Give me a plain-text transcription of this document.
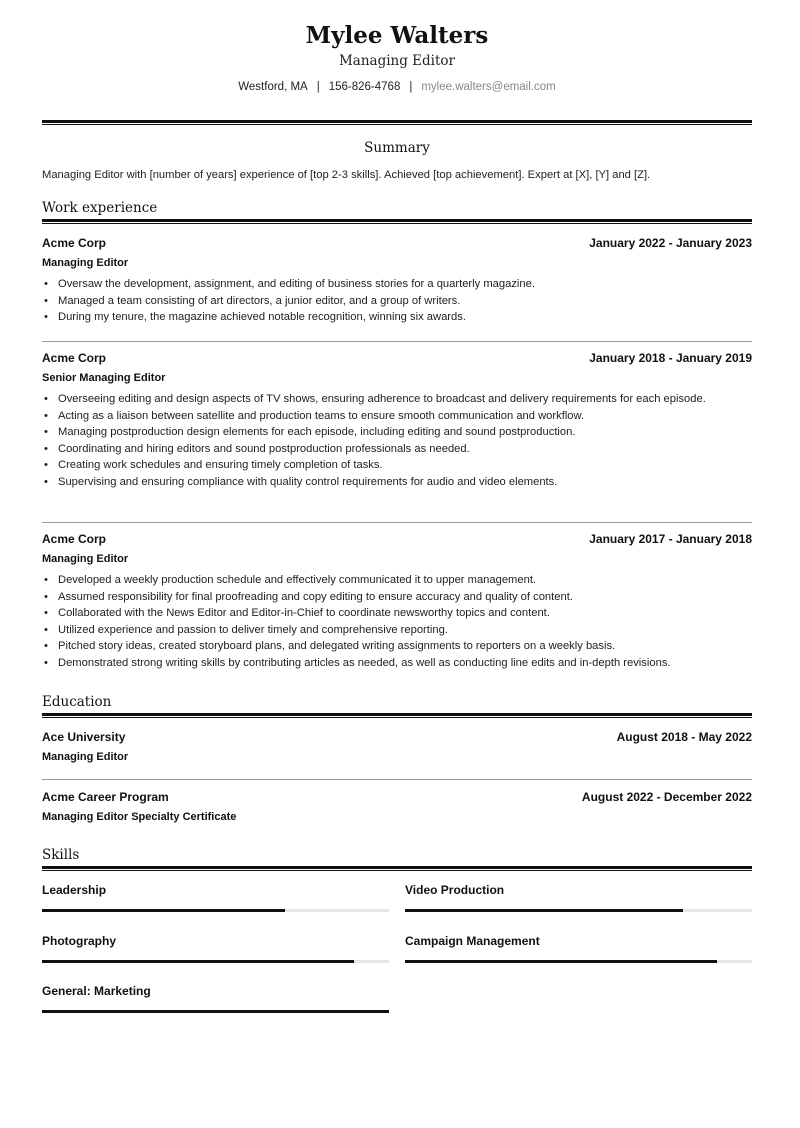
Mylee Walters
Managing Editor
Westford, MA | 156-826-4768 | mylee.walters@email.com
Summary
Managing Editor with [number of years] experience of [top 2-3 skills]. Achieved [top achievement]. Expert at [X], [Y] and [Z].
Work experience
Acme Corp	January 2022 - January 2023
Managing Editor
• Oversaw the development, assignment, and editing of business stories for a quarterly magazine.
• Managed a team consisting of art directors, a junior editor, and a group of writers.
• During my tenure, the magazine achieved notable recognition, winning six awards.
Acme Corp	January 2018 - January 2019
Senior Managing Editor
• Overseeing editing and design aspects of TV shows, ensuring adherence to broadcast and delivery requirements for each episode.
• Acting as a liaison between satellite and production teams to ensure smooth communication and workflow.
• Managing postproduction design elements for each episode, including editing and sound postproduction.
• Coordinating and hiring editors and sound postproduction professionals as needed.
• Creating work schedules and ensuring timely completion of tasks.
• Supervising and ensuring compliance with quality control requirements for audio and video elements.
Acme Corp	January 2017 - January 2018
Managing Editor
• Developed a weekly production schedule and effectively communicated it to upper management.
• Assumed responsibility for final proofreading and copy editing to ensure accuracy and quality of content.
• Collaborated with the News Editor and Editor-in-Chief to coordinate newsworthy topics and content.
• Utilized experience and passion to deliver timely and comprehensive reporting.
• Pitched story ideas, created storyboard plans, and delegated writing assignments to reporters on a weekly basis.
• Demonstrated strong writing skills by contributing articles as needed, as well as conducting line edits and in-depth revisions.
Education
Ace University	August 2018 - May 2022
Managing Editor
Acme Career Program	August 2022 - December 2022
Managing Editor Specialty Certificate
Skills
Leadership	Video Production
Photography	Campaign Management
General: Marketing
